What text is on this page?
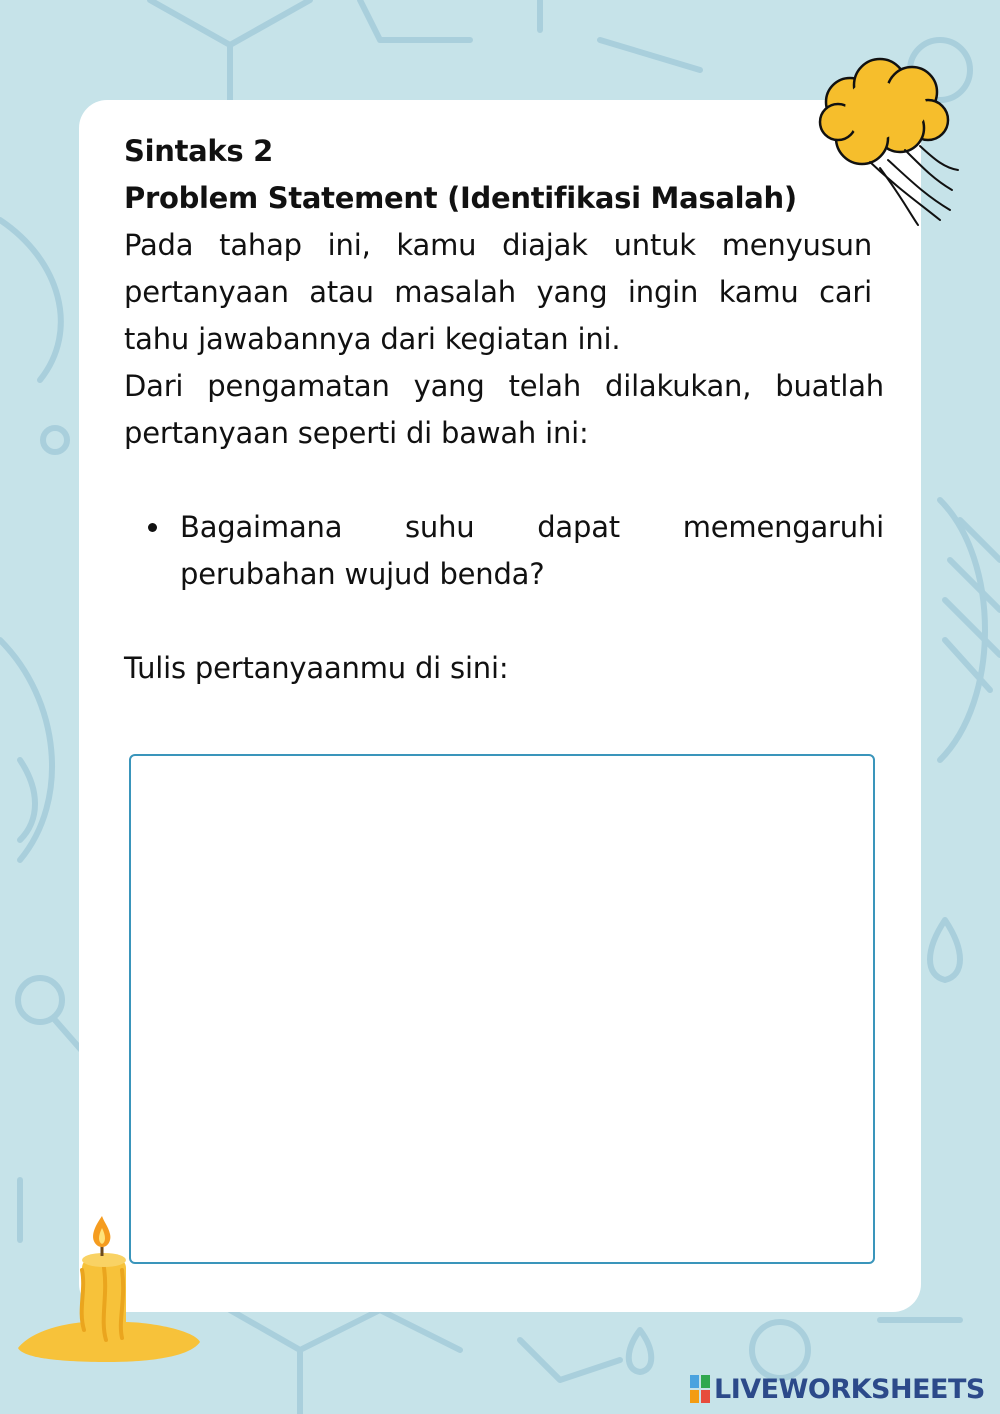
Sintaks 2

Problem Statement (Identifikasi Masalah)

Pada tahap ini, kamu diajak untuk menyusun pertanyaan atau masalah yang ingin kamu cari tahu jawabannya dari kegiatan ini.

Dari pengamatan yang telah dilakukan, buatlah pertanyaan seperti di bawah ini:

Bagaimana suhu dapat memengaruhi perubahan wujud benda?

Tulis pertanyaanmu di sini:

LIVEWORKSHEETS
